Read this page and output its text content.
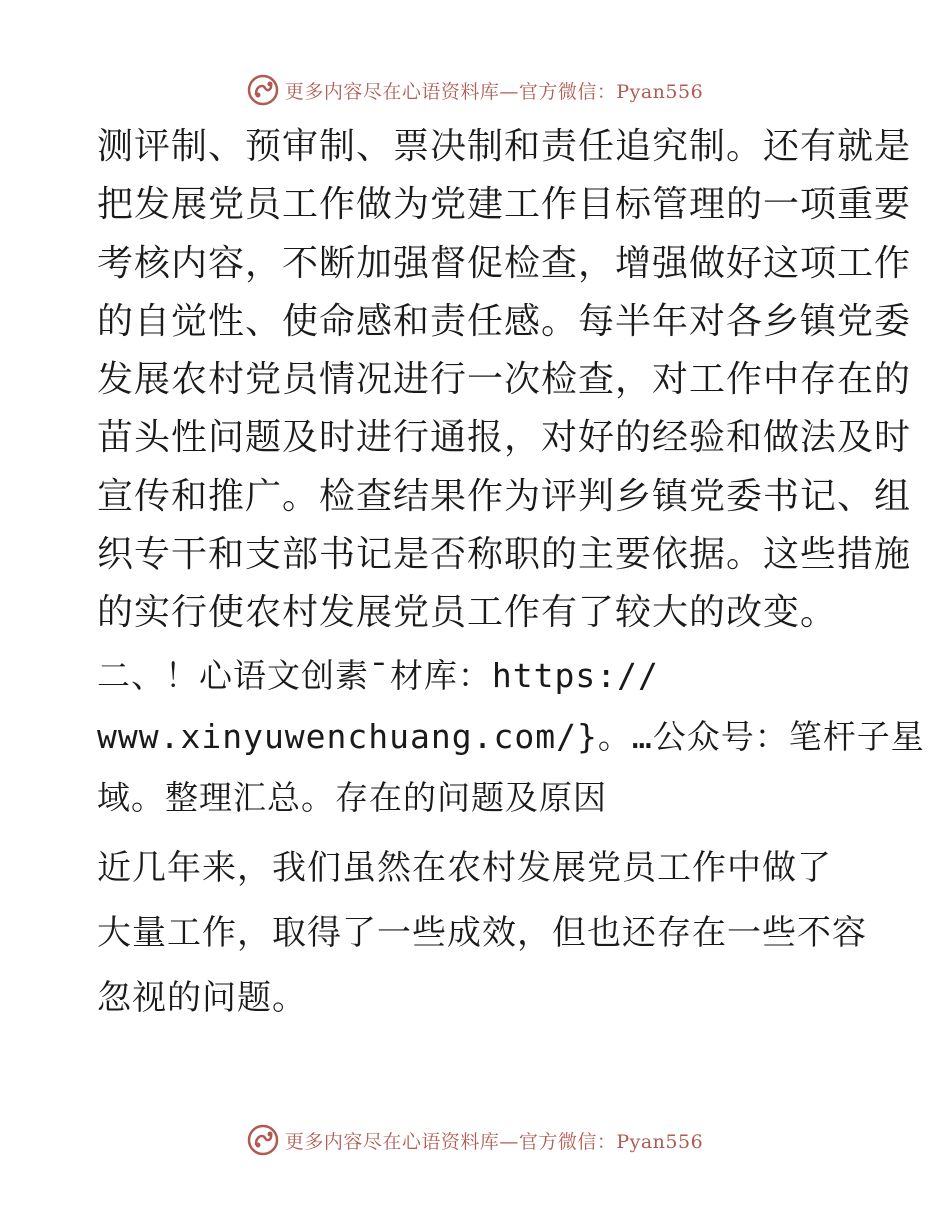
更多内容尽在心语资料库—官方微信：Pyan556

测评制、预审制、票决制和责任追究制。还有就是
把发展党员工作做为党建工作目标管理的一项重要
考核内容，不断加强督促检查，增强做好这项工作
的自觉性、使命感和责任感。每半年对各乡镇党委
发展农村党员情况进行一次检查，对工作中存在的
苗头性问题及时进行通报，对好的经验和做法及时
宣传和推广。检查结果作为评判乡镇党委书记、组
织专干和支部书记是否称职的主要依据。这些措施
的实行使农村发展党员工作有了较大的改变。

二、！心语文创素¯材库：https://
www.xinyuwenchuang.com/}。…公众号：笔杆子星
域。整理汇总。存在的问题及原因

近几年来，我们虽然在农村发展党员工作中做了
大量工作，取得了一些成效，但也还存在一些不容
忽视的问题。

更多内容尽在心语资料库—官方微信：Pyan556
